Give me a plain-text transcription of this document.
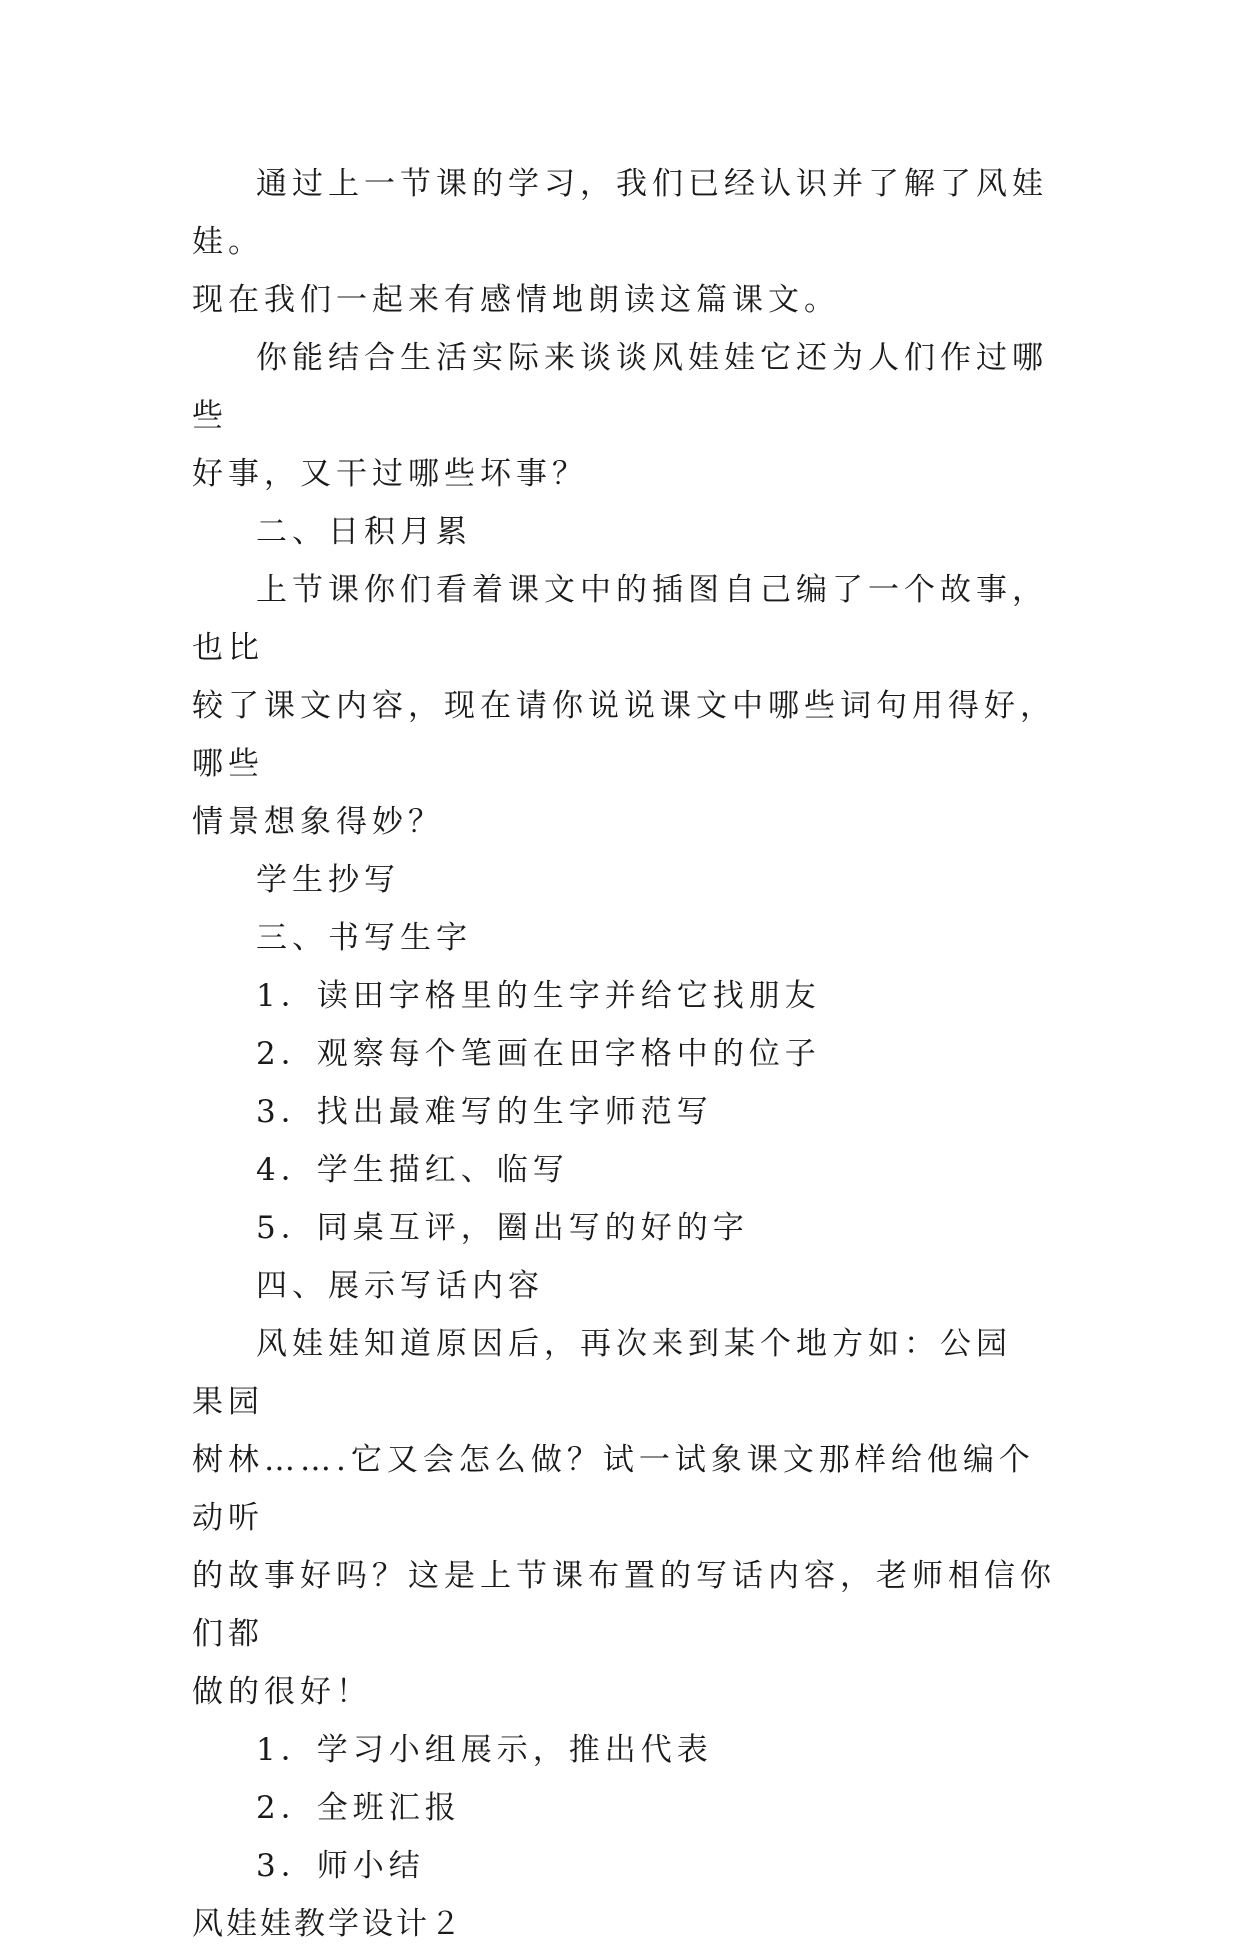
通过上一节课的学习，我们已经认识并了解了风娃娃。
现在我们一起来有感情地朗读这篇课文。

你能结合生活实际来谈谈风娃娃它还为人们作过哪些
好事，又干过哪些坏事？

二、日积月累

上节课你们看着课文中的插图自己编了一个故事，也比
较了课文内容，现在请你说说课文中哪些词句用得好，哪些
情景想象得妙？

学生抄写

三、书写生字

1．读田字格里的生字并给它找朋友

2．观察每个笔画在田字格中的位子

3．找出最难写的生字师范写

4．学生描红、临写

5．同桌互评，圈出写的好的字

四、展示写话内容

风娃娃知道原因后，再次来到某个地方如：公园 果园
树林…….它又会怎么做？试一试象课文那样给他编个动听
的故事好吗？这是上节课布置的写话内容，老师相信你们都
做的很好！

1．学习小组展示，推出代表

2．全班汇报

3．师小结

风娃娃教学设计２
